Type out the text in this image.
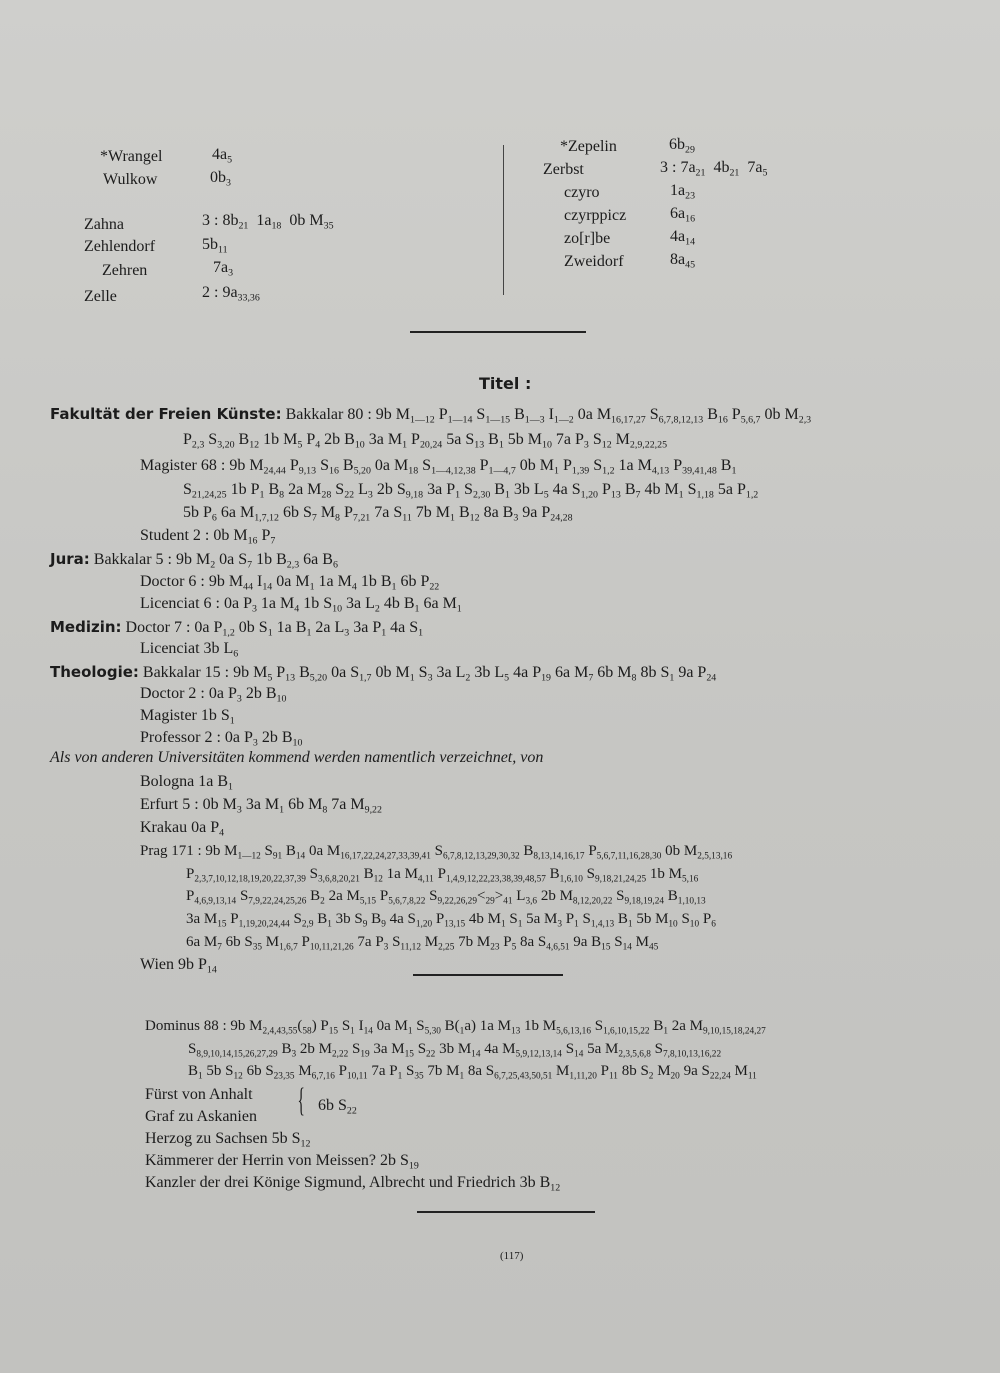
*Wrangel	$4a_5$
Wulkow	$0b_3$
Zahna	3 : $8b_{21}$  $1a_{18}$  0b $M_{35}$
Zehlendorf	$5b_{11}$
Zehren	$7a_3$
Zelle	2 : $9a_{33,36}$
*Zepelin	$6b_{29}$
Zerbst	3 : $7a_{21}$  $4b_{21}$  $7a_5$
czyro	$1a_{23}$
czyrppicz	$6a_{16}$
zo[r]be	$4a_{14}$
Zweidorf	$8a_{45}$
Titel :
Fakultät der Freien Künste: Bakkalar 80 : 9b $M_{1—12}$ $P_{1—14}$ $S_{1—15}$ $B_{1—3}$ $I_{1—2}$ 0a $M_{16,17,27}$ $S_{6,7,8,12,13}$ $B_{16}$ $P_{5,6,7}$ 0b $M_{2,3}$
$P_{2,3}$ $S_{3,20}$ $B_{12}$ 1b $M_5$ $P_4$ 2b $B_{10}$ 3a $M_1$ $P_{20,24}$ 5a $S_{13}$ $B_1$ 5b $M_{10}$ 7a $P_3$ $S_{12}$ $M_{2,9,22,25}$
Magister 68 : 9b $M_{24,44}$ $P_{9,13}$ $S_{16}$ $B_{5,20}$ 0a $M_{18}$ $S_{1—4,12,38}$ $P_{1—4,7}$ 0b $M_1$ $P_{1,39}$ $S_{1,2}$ 1a $M_{4,13}$ $P_{39,41,48}$ $B_1$
$S_{21,24,25}$ 1b $P_1$ $B_8$ 2a $M_{28}$ $S_{22}$ $L_3$ 2b $S_{9,18}$ 3a $P_1$ $S_{2,30}$ $B_1$ 3b $L_5$ 4a $S_{1,20}$ $P_{13}$ $B_7$ 4b $M_1$ $S_{1,18}$ 5a $P_{1,2}$
5b $P_6$ 6a $M_{1,7,12}$ 6b $S_7$ $M_8$ $P_{7,21}$ 7a $S_{11}$ 7b $M_1$ $B_{12}$ 8a $B_3$ 9a $P_{24,28}$
Student 2 : 0b $M_{16}$ $P_7$
Jura: Bakkalar 5 : 9b $M_2$ 0a $S_7$ 1b $B_{2,3}$ 6a $B_6$
Doctor 6 : 9b $M_{44}$ $I_{14}$ 0a $M_1$ 1a $M_4$ 1b $B_1$ 6b $P_{22}$
Licenciat 6 : 0a $P_3$ 1a $M_4$ 1b $S_{10}$ 3a $L_2$ 4b $B_1$ 6a $M_1$
Medizin: Doctor 7 : 0a $P_{1,2}$ 0b $S_1$ 1a $B_1$ 2a $L_3$ 3a $P_1$ 4a $S_1$
Licenciat 3b $L_6$
Theologie: Bakkalar 15 : 9b $M_5$ $P_{13}$ $B_{5,20}$ 0a $S_{1,7}$ 0b $M_1$ $S_3$ 3a $L_2$ 3b $L_5$ 4a $P_{19}$ 6a $M_7$ 6b $M_8$ 8b $S_1$ 9a $P_{24}$
Doctor 2 : 0a $P_3$ 2b $B_{10}$
Magister 1b $S_1$
Professor 2 : 0a $P_3$ 2b $B_{10}$
Als von anderen Universitäten kommend werden namentlich verzeichnet, von
Bologna 1a $B_1$
Erfurt 5 : 0b $M_3$ 3a $M_1$ 6b $M_8$ 7a $M_{9,22}$
Krakau 0a $P_4$
Prag 171 : 9b $M_{1—12}$ $S_{91}$ $B_{14}$ 0a $M_{16,17,22,24,27,33,39,41}$ $S_{6,7,8,12,13,29,30,32}$ $B_{8,13,14,16,17}$ $P_{5,6,7,11,16,28,30}$ 0b $M_{2,5,13,16}$
$P_{2,3,7,10,12,18,19,20,22,37,39}$ $S_{3,6,8,20,21}$ $B_{12}$ 1a $M_{4,11}$ $P_{1,4,9,12,22,23,38,39,48,57}$ $B_{1,6,10}$ $S_{9,18,21,24,25}$ 1b $M_{5,16}$
$P_{4,6,9,13,14}$ $S_{7,9,22,24,25,26}$ $B_2$ 2a $M_{5,15}$ $P_{5,6,7,8,22}$ $S_{9,22,26,29}<_{29}>_{41}$ $L_{3,6}$ 2b $M_{8,12,20,22}$ $S_{9,18,19,24}$ $B_{1,10,13}$
3a $M_{15}$ $P_{1,19,20,24,44}$ $S_{2,9}$ $B_1$ 3b $S_9$ $B_9$ 4a $S_{1,20}$ $P_{13,15}$ 4b $M_1$ $S_1$ 5a $M_3$ $P_1$ $S_{1,4,13}$ $B_1$ 5b $M_{10}$ $S_{10}$ $P_6$
6a $M_7$ 6b $S_{35}$ $M_{1,6,7}$ $P_{10,11,21,26}$ 7a $P_3$ $S_{11,12}$ $M_{2,25}$ 7b $M_{23}$ $P_5$ 8a $S_{4,6,51}$ 9a $B_{15}$ $S_{14}$ $M_{45}$
Wien 9b $P_{14}$
Dominus 88 : 9b $M_{2,4,43,55}(_{58})$ $P_{15}$ $S_1$ $I_{14}$ 0a $M_1$ $S_{5,30}$ $B(_1a)$ 1a $M_{13}$ 1b $M_{5,6,13,16}$ $S_{1,6,10,15,22}$ $B_1$ 2a $M_{9,10,15,18,24,27}$
$S_{8,9,10,14,15,26,27,29}$ $B_3$ 2b $M_{2,22}$ $S_{19}$ 3a $M_{15}$ $S_{22}$ 3b $M_{14}$ 4a $M_{5,9,12,13,14}$ $S_{14}$ 5a $M_{2,3,5,6,8}$ $S_{7,8,10,13,16,22}$
$B_1$ 5b $S_{12}$ 6b $S_{23,35}$ $M_{6,7,16}$ $P_{10,11}$ 7a $P_1$ $S_{35}$ 7b $M_1$ 8a $S_{6,7,25,43,50,51}$ $M_{1,11,20}$ $P_{11}$ 8b $S_2$ $M_{20}$ 9a $S_{22,24}$ $M_{11}$
Fürst von Anhalt
Graf zu Askanien { 6b $S_{22}$
Herzog zu Sachsen 5b $S_{12}$
Kämmerer der Herrin von Meissen? 2b $S_{19}$
Kanzler der drei Könige Sigmund, Albrecht und Friedrich 3b $B_{12}$
(117)
